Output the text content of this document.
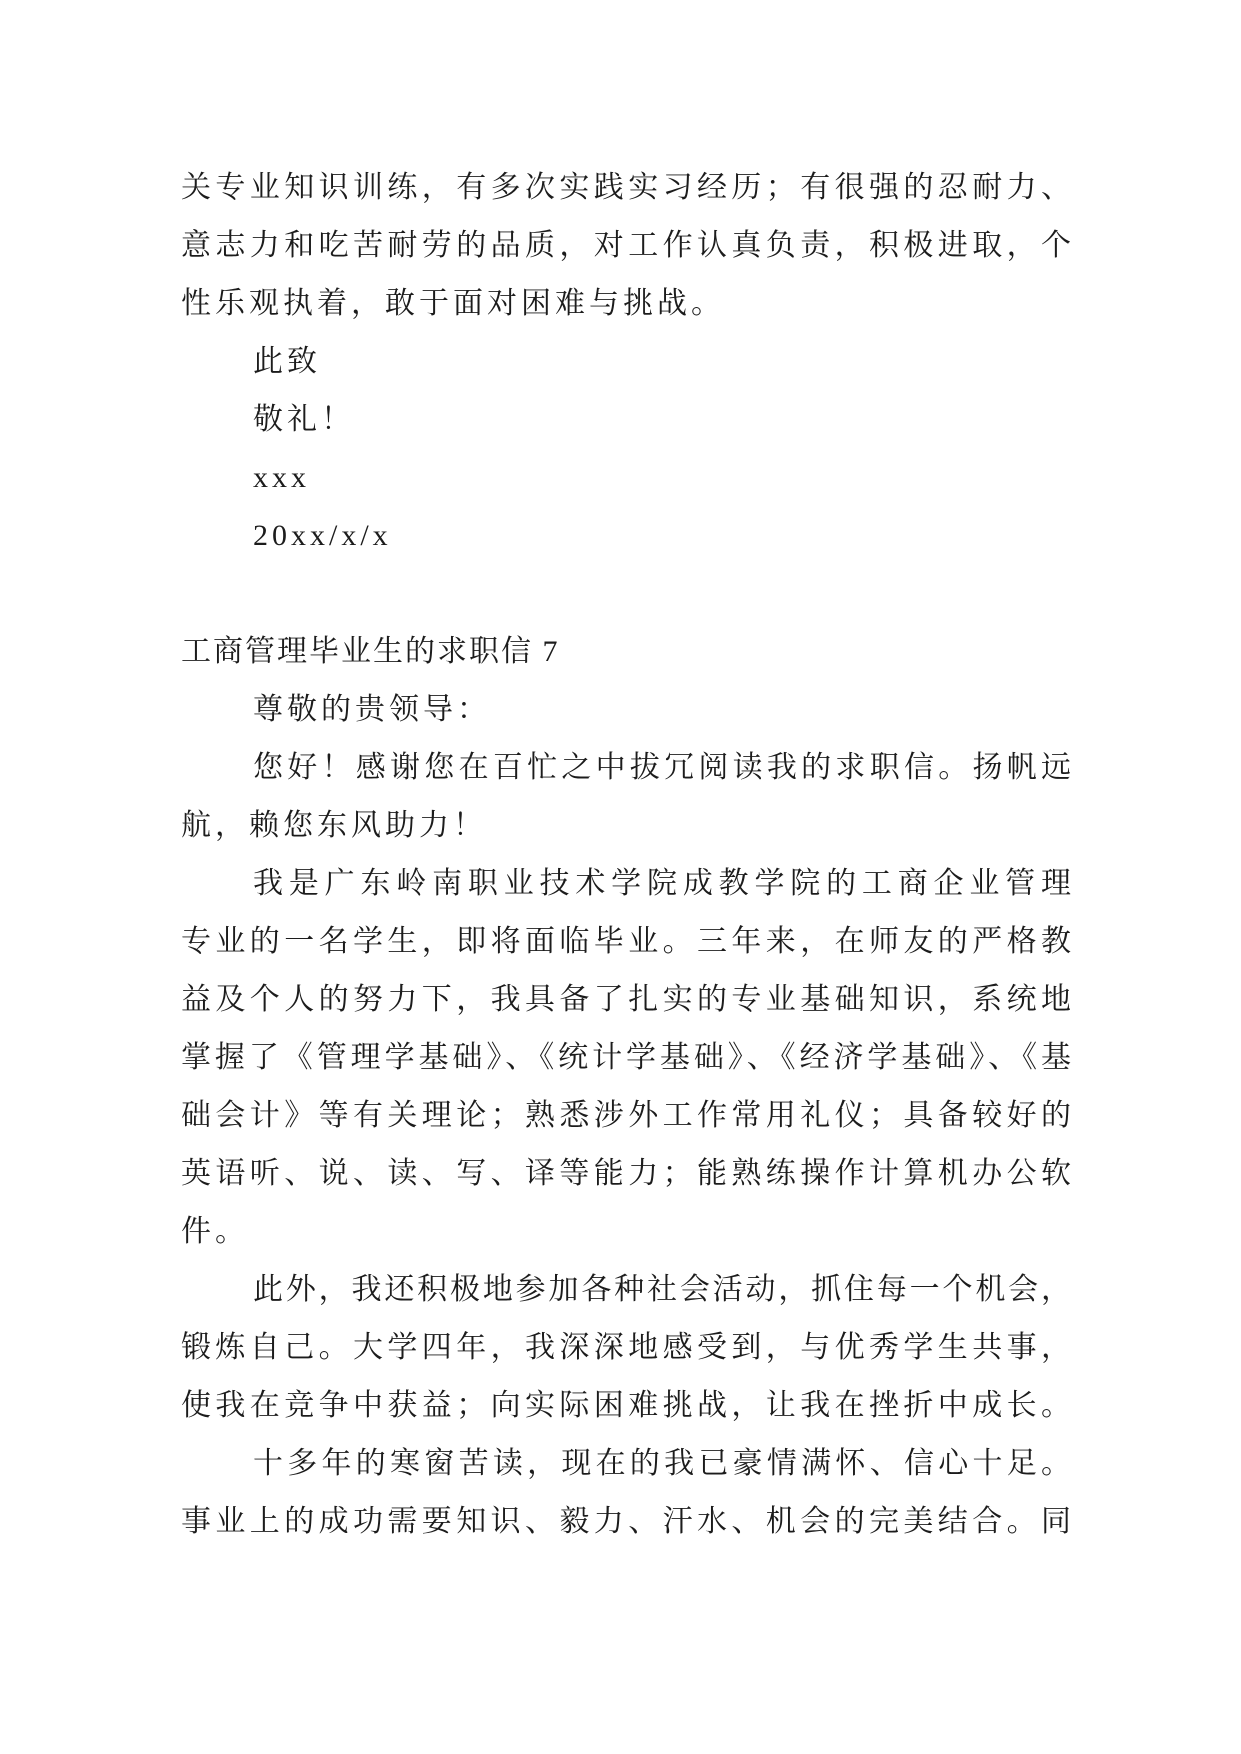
关专业知识训练，有多次实践实习经历；有很强的忍耐力、
意志力和吃苦耐劳的品质，对工作认真负责，积极进取，个
性乐观执着，敢于面对困难与挑战。
此致
敬礼！
xxx
20xx/x/x

工商管理毕业生的求职信 7
尊敬的贵领导：
您好！感谢您在百忙之中拔冗阅读我的求职信。扬帆远
航，赖您东风助力！
我是广东岭南职业技术学院成教学院的工商企业管理
专业的一名学生，即将面临毕业。三年来，在师友的严格教
益及个人的努力下，我具备了扎实的专业基础知识，系统地
掌握了《管理学基础》、《统计学基础》、《经济学基础》、《基
础会计》等有关理论；熟悉涉外工作常用礼仪；具备较好的
英语听、说、读、写、译等能力；能熟练操作计算机办公软
件。
此外，我还积极地参加各种社会活动，抓住每一个机会，
锻炼自己。大学四年，我深深地感受到，与优秀学生共事，
使我在竞争中获益；向实际困难挑战，让我在挫折中成长。
十多年的寒窗苦读，现在的我已豪情满怀、信心十足。
事业上的成功需要知识、毅力、汗水、机会的完美结合。同
